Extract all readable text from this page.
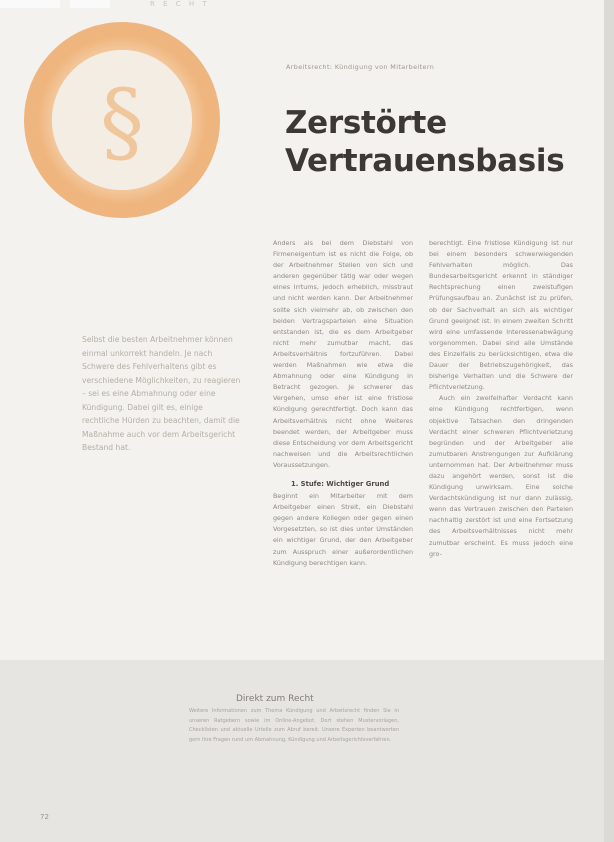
R E C H T
§
Arbeitsrecht: Kündigung von Mitarbeitern
Zerstörte
Vertrauensbasis
Selbst die besten Arbeitnehmer können einmal unkorrekt handeln. Je nach Schwere des Fehlverhaltens gibt es verschiedene Möglichkeiten, zu reagieren – sei es eine Abmahnung oder eine Kündigung. Dabei gilt es, einige rechtliche Hürden zu beachten, damit die Maßnahme auch vor dem Arbeitsgericht Bestand hat.

Anders als bei dem Diebstahl von Firmeneigentum ist es nicht die Folge, ob der Arbeitnehmer Stellen von sich und anderen gegenüber tätig war oder wegen eines Irrtums, jedoch erheblich, misstraut und nicht werden kann. Der Arbeitnehmer sollte sich vielmehr ab, ob zwischen den beiden Vertragsparteien eine Situation entstanden ist, die es dem Arbeitgeber nicht mehr zumutbar macht, das Arbeitsverhältnis fortzuführen. Dabei werden Maßnahmen wie etwa die Abmahnung oder eine Kündigung in Betracht gezogen. Je schwerer das Vergehen, umso eher ist eine fristlose Kündigung gerechtfertigt. Doch kann das Arbeitsverhältnis nicht ohne Weiteres beendet werden, der Arbeitgeber muss diese Entscheidung vor dem Arbeitsgericht nachweisen und die Arbeitsrechtlichen Voraussetzungen.

1. Stufe: Wichtiger Grund

Beginnt ein Mitarbeiter mit dem Arbeitgeber einen Streit, ein Diebstahl gegen andere Kollegen oder gegen einen Vorgesetzten, so ist dies unter Umständen ein wichtiger Grund, der den Arbeitgeber zum Ausspruch einer außerordentlichen Kündigung berechtigen kann.

berechtigt. Eine fristlose Kündigung ist nur bei einem besonders schwerwiegenden Fehlverhalten möglich. Das Bundesarbeitsgericht erkennt in ständiger Rechtsprechung einen zweistufigen Prüfungsaufbau an. Zunächst ist zu prüfen, ob der Sachverhalt an sich als wichtiger Grund geeignet ist. In einem zweiten Schritt wird eine umfassende Interessenabwägung vorgenommen. Dabei sind alle Umstände des Einzelfalls zu berücksichtigen, etwa die Dauer der Betriebszugehörigkeit, das bisherige Verhalten und die Schwere der Pflichtverletzung.

Auch ein zweifelhafter Verdacht kann eine Kündigung rechtfertigen, wenn objektive Tatsachen den dringenden Verdacht einer schweren Pflichtverletzung begründen und der Arbeitgeber alle zumutbaren Anstrengungen zur Aufklärung unternommen hat. Der Arbeitnehmer muss dazu angehört werden, sonst ist die Kündigung unwirksam. Eine solche Verdachtskündigung ist nur dann zulässig, wenn das Vertrauen zwischen den Parteien nachhaltig zerstört ist und eine Fortsetzung des Arbeitsverhältnisses nicht mehr zumutbar erscheint. Es muss jedoch eine gro-

Direkt zum Recht
Weitere Informationen zum Thema Kündigung und Arbeitsrecht finden Sie in unseren Ratgebern sowie im Online-Angebot. Dort stehen Mustervorlagen, Checklisten und aktuelle Urteile zum Abruf bereit. Unsere Experten beantworten gern Ihre Fragen rund um Abmahnung, Kündigung und Arbeitsgerichtsverfahren.
72
